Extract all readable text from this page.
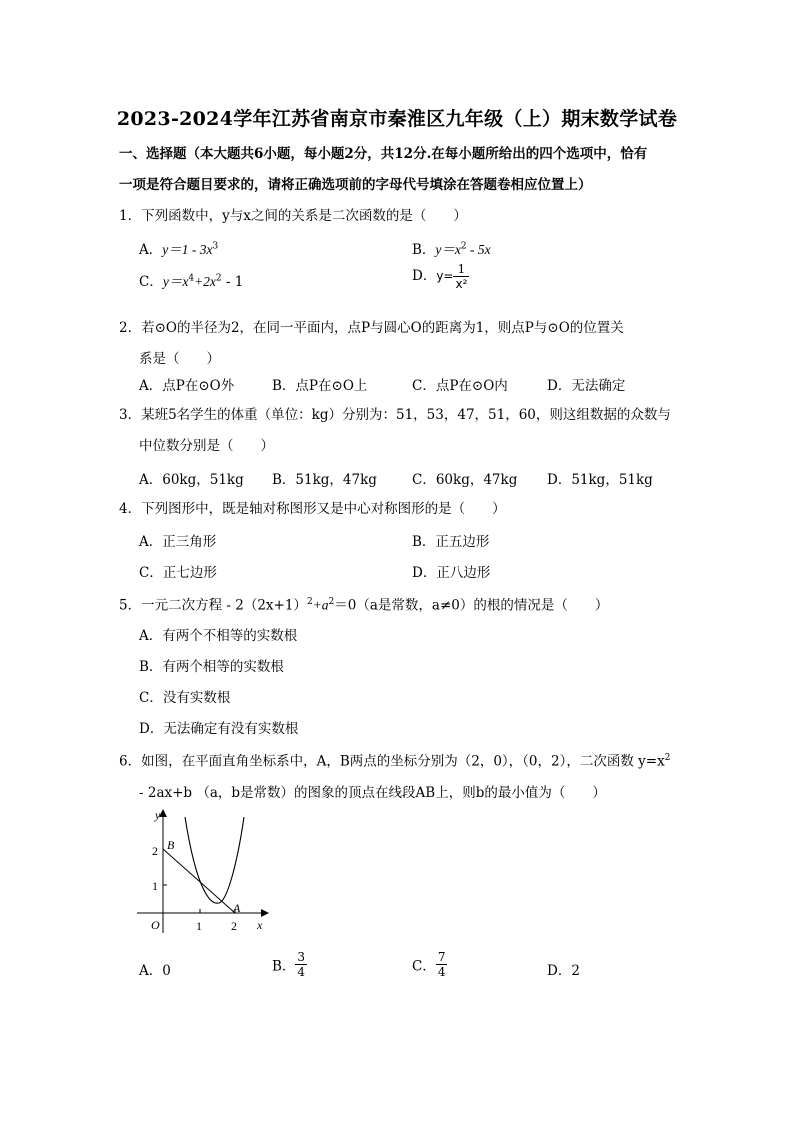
2023-2024学年江苏省南京市秦淮区九年级（上）期末数学试卷
一、选择题（本大题共6小题，每小题2分，共12分.在每小题所给出的四个选项中，恰有
一项是符合题目要求的，请将正确选项前的字母代号填涂在答题卷相应位置上）
1．下列函数中，y与x之间的关系是二次函数的是（　　）
A．$y=1 - 3x^3$	B．$y=x^2 - 5x$
C．$y=x^4+2x^2 - 1$	D．$y= \frac{1}{\text{x²}}$
2．若⊙O的半径为2，在同一平面内，点P与圆心O的距离为1，则点P与⊙O的位置关
系是（　　）
A．点P在⊙O外	B．点P在⊙O上	C．点P在⊙O内	D．无法确定
3．某班5名学生的体重（单位：kg）分别为：51，53，47，51，60，则这组数据的众数与
中位数分别是（　　）
A．60kg，51kg B．51kg，47kg	C．60kg，47kg D．51kg，51kg
4．下列图形中，既是轴对称图形又是中心对称图形的是（　　）
A．正三角形	B．正五边形
C．正七边形	D．正八边形
5．一元二次方程 - $2(2x+1)^2+a^2=0(a$是常数，a≠0）的根的情况是（　　）
A．有两个不相等的实数根
B．有两个相等的实数根
C．没有实数根
D．无法确定有没有实数根
6．如图，在平面直角坐标系中，A，B两点的坐标分别为（2，0），（0，2），二次函数 $y=x^2$
- 2ax+b （a，b是常数）的图象的顶点在线段AB上，则b的最小值为（　　）
y
x
O	1 2
1
2
A
B
A．0	B． $\frac{3}{4}$	C． $\frac{7}{4}$	D．2
